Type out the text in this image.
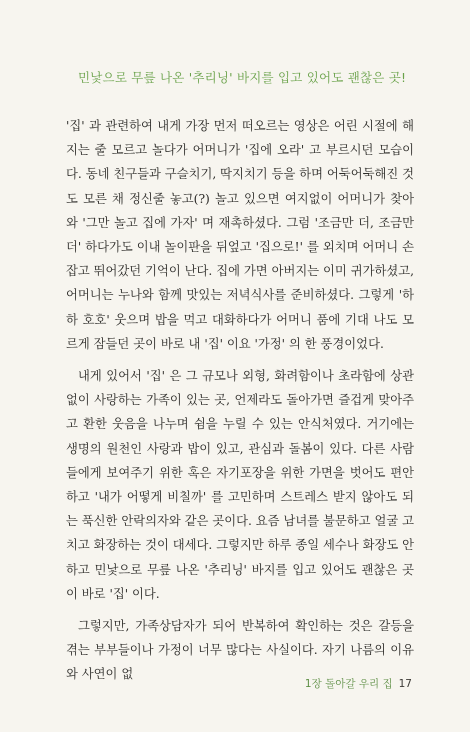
민낯으로 무릎 나온 '추리닝' 바지를 입고 있어도 괜찮은 곳!

'집' 과 관련하여 내게 가장 먼저 떠오르는 영상은 어린 시절에 해지는 줄 모르고 놀다가 어머니가 '집에 오라' 고 부르시던 모습이다. 동네 친구들과 구슬치기, 딱지치기 등을 하며 어둑어둑해진 것도 모른 채 정신줄 놓고(?) 놀고 있으면 여지없이 어머니가 찾아와 '그만 놀고 집에 가자' 며 재촉하셨다. 그럼 '조금만 더, 조금만 더' 하다가도 이내 놀이판을 뒤엎고 '집으로!' 를 외치며 어머니 손잡고 뛰어갔던 기억이 난다. 집에 가면 아버지는 이미 귀가하셨고, 어머니는 누나와 함께 맛있는 저녁식사를 준비하셨다. 그렇게 '하하 호호' 웃으며 밥을 먹고 대화하다가 어머니 품에 기대 나도 모르게 잠들던 곳이 바로 내 '집' 이요 '가정' 의 한 풍경이었다.

내게 있어서 '집' 은 그 규모나 외형, 화려함이나 초라함에 상관없이 사랑하는 가족이 있는 곳, 언제라도 돌아가면 즐겁게 맞아주고 환한 웃음을 나누며 쉼을 누릴 수 있는 안식처였다. 거기에는 생명의 원천인 사랑과 밥이 있고, 관심과 돌봄이 있다. 다른 사람들에게 보여주기 위한 혹은 자기포장을 위한 가면을 벗어도 편안하고 '내가 어떻게 비칠까' 를 고민하며 스트레스 받지 않아도 되는 푹신한 안락의자와 같은 곳이다. 요즘 남녀를 불문하고 얼굴 고치고 화장하는 것이 대세다. 그렇지만 하루 종일 세수나 화장도 안 하고 민낯으로 무릎 나온 '추리닝' 바지를 입고 있어도 괜찮은 곳이 바로 '집' 이다.

그렇지만, 가족상담자가 되어 반복하여 확인하는 것은 갈등을 겪는 부부들이나 가정이 너무 많다는 사실이다. 자기 나름의 이유와 사연이 없

1장 돌아갈 우리 집 17
